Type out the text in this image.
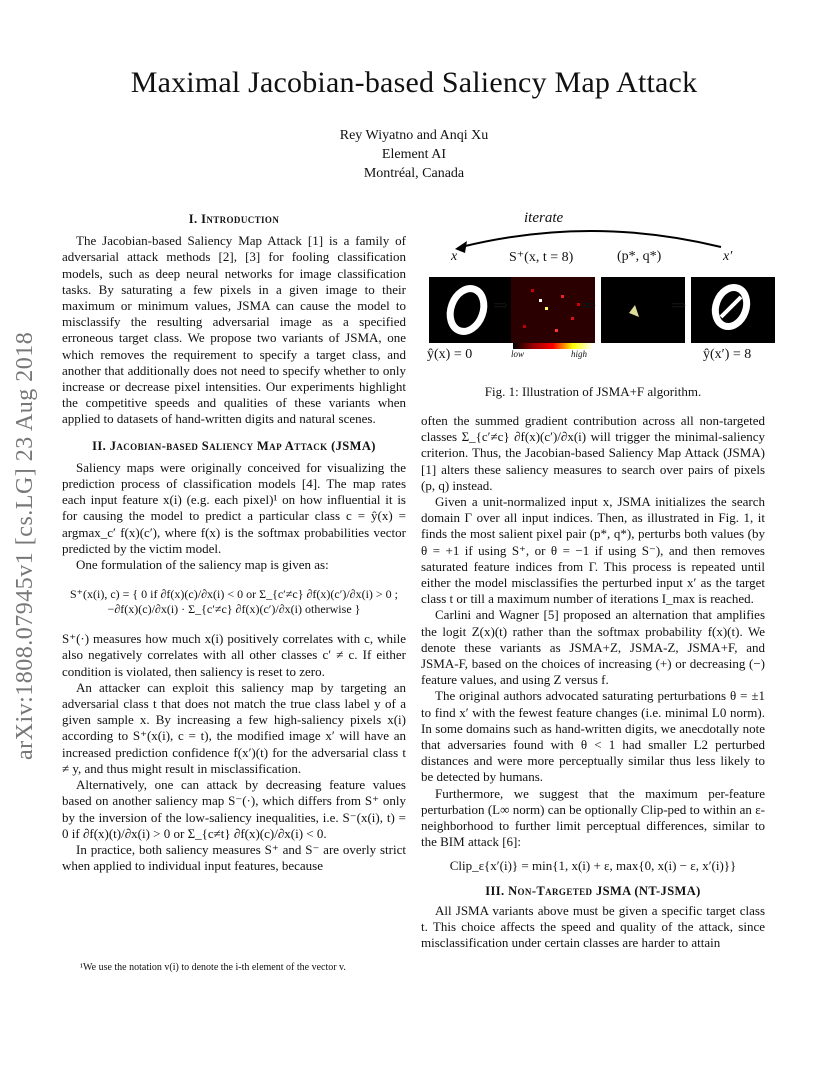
Maximal Jacobian-based Saliency Map Attack
Rey Wiyatno and Anqi Xu
Element AI
Montréal, Canada
arXiv:1808.07945v1 [cs.LG] 23 Aug 2018
I. Introduction

The Jacobian-based Saliency Map Attack [1] is a family of adversarial attack methods [2], [3] for fooling classification models, such as deep neural networks for image classification tasks. By saturating a few pixels in a given image to their maximum or minimum values, JSMA can cause the model to misclassify the resulting adversarial image as a specified erroneous target class. We propose two variants of JSMA, one which removes the requirement to specify a target class, and another that additionally does not need to specify whether to only increase or decrease pixel intensities. Our experiments highlight the competitive speeds and qualities of these variants when applied to datasets of hand-written digits and natural scenes.

II. Jacobian-based Saliency Map Attack (JSMA)

Saliency maps were originally conceived for visualizing the prediction process of classification models [4]. The map rates each input feature x(i) (e.g. each pixel)¹ on how influential it is for causing the model to predict a particular class c = ŷ(x) = argmax_c′ f(x)(c′), where f(x) is the softmax probabilities vector predicted by the victim model.

One formulation of the saliency map is given as:

S⁺(x(i), c) = { 0 if ∂f(x)(c)/∂x(i) < 0 or Σ_{c′≠c} ∂f(x)(c′)/∂x(i) > 0 ; −∂f(x)(c)/∂x(i) · Σ_{c′≠c} ∂f(x)(c′)/∂x(i) otherwise }

S⁺(·) measures how much x(i) positively correlates with c, while also negatively correlates with all other classes c′ ≠ c. If either condition is violated, then saliency is reset to zero.

An attacker can exploit this saliency map by targeting an adversarial class t that does not match the true class label y of a given sample x. By increasing a few high-saliency pixels x(i) according to S⁺(x(i), c = t), the modified image x′ will have an increased prediction confidence f(x′)(t) for the adversarial class t ≠ y, and thus might result in misclassification.

Alternatively, one can attack by decreasing feature values based on another saliency map S⁻(·), which differs from S⁺ only by the inversion of the low-saliency inequalities, i.e. S⁻(x(i), t) = 0 if ∂f(x)(t)/∂x(i) > 0 or Σ_{c≠t} ∂f(x)(c)/∂x(i) < 0.

In practice, both saliency measures S⁺ and S⁻ are overly strict when applied to individual input features, because

¹We use the notation v(i) to denote the i-th element of the vector v.
iterate
x	S⁺(x, t = 8)	(p*, q*)	x′
⇒	⇒	⇒
low	high
ŷ(x) = 0	ŷ(x′) = 8
Fig. 1: Illustration of JSMA+F algorithm.

often the summed gradient contribution across all non-targeted classes Σ_{c′≠c} ∂f(x)(c′)/∂x(i) will trigger the minimal-saliency criterion. Thus, the Jacobian-based Saliency Map Attack (JSMA) [1] alters these saliency measures to search over pairs of pixels (p, q) instead.

Given a unit-normalized input x, JSMA initializes the search domain Γ over all input indices. Then, as illustrated in Fig. 1, it finds the most salient pixel pair (p*, q*), perturbs both values (by θ = +1 if using S⁺, or θ = −1 if using S⁻), and then removes saturated feature indices from Γ. This process is repeated until either the model misclassifies the perturbed input x′ as the target class t or till a maximum number of iterations I_max is reached.

Carlini and Wagner [5] proposed an alternation that amplifies the logit Z(x)(t) rather than the softmax probability f(x)(t). We denote these variants as JSMA+Z, JSMA-Z, JSMA+F, and JSMA-F, based on the choices of increasing (+) or decreasing (−) feature values, and using Z versus f.

The original authors advocated saturating perturbations θ = ±1 to find x′ with the fewest feature changes (i.e. minimal L0 norm). In some domains such as hand-written digits, we anecdotally note that adversaries found with θ < 1 had smaller L2 perturbed distances and were more perceptually similar thus less likely to be detected by humans.

Furthermore, we suggest that the maximum per-feature perturbation (L∞ norm) can be optionally Clip-ped to within an ε-neighborhood to further limit perceptual differences, similar to the BIM attack [6]:

Clip_ε{x′(i)} = min{1, x(i) + ε, max{0, x(i) − ε, x′(i)}}
III. Non-Targeted JSMA (NT-JSMA)

All JSMA variants above must be given a specific target class t. This choice affects the speed and quality of the attack, since misclassification under certain classes are harder to attain
